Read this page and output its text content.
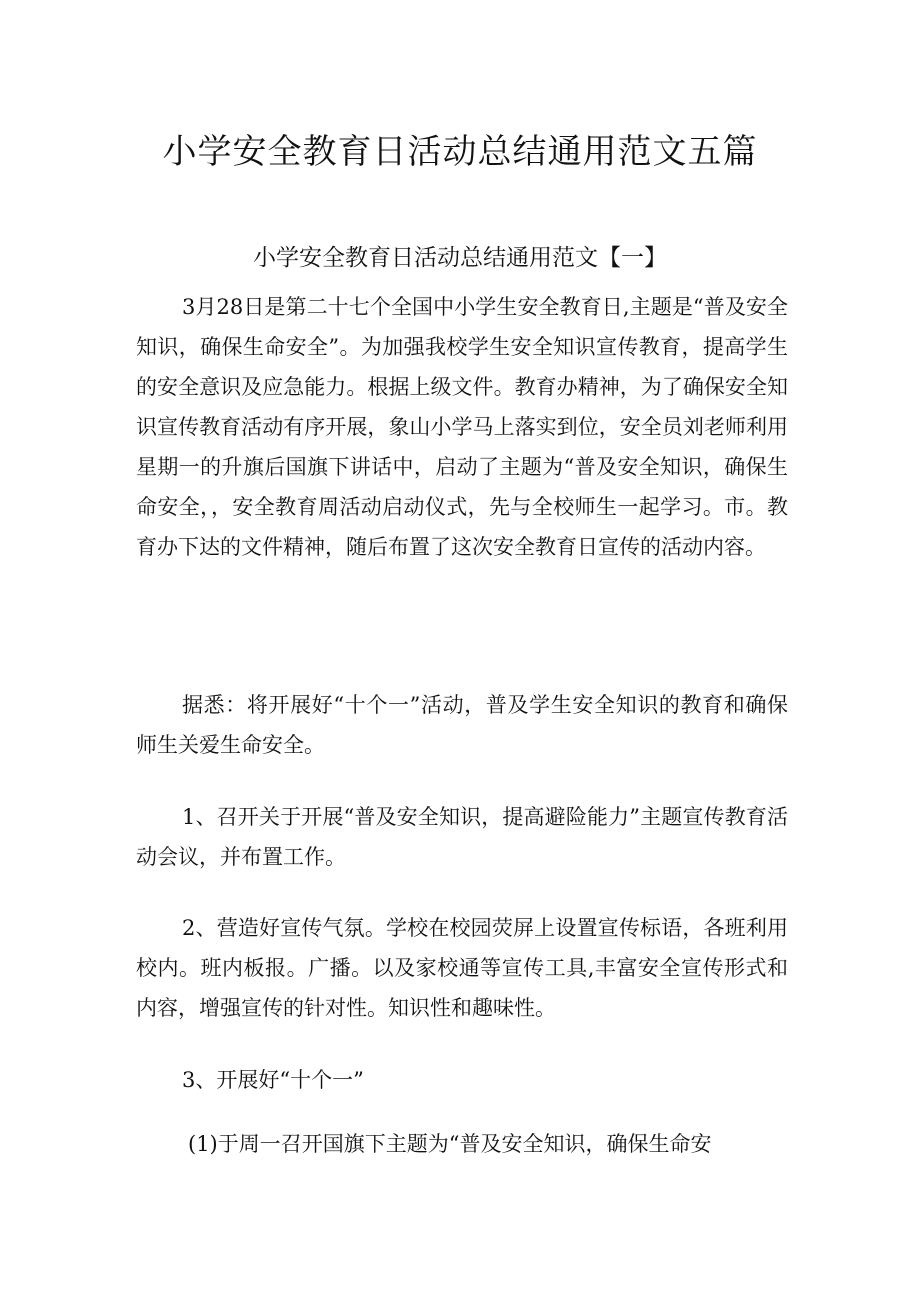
小学安全教育日活动总结通用范文五篇
小学安全教育日活动总结通用范文【一】
3月28日是第二十七个全国中小学生安全教育日,主题是“普及安全知识，确保生命安全”。为加强我校学生安全知识宣传教育，提高学生的安全意识及应急能力。根据上级文件。教育办精神，为了确保安全知识宣传教育活动有序开展，象山小学马上落实到位，安全员刘老师利用星期一的升旗后国旗下讲话中，启动了主题为“普及安全知识，确保生命安全，，安全教育周活动启动仪式，先与全校师生一起学习。市。教育办下达的文件精神，随后布置了这次安全教育日宣传的活动内容。
据悉：将开展好“十个一”活动，普及学生安全知识的教育和确保师生关爱生命安全。
1、召开关于开展“普及安全知识，提高避险能力”主题宣传教育活动会议，并布置工作。
2、营造好宣传气氛。学校在校园荧屏上设置宣传标语，各班利用校内。班内板报。广播。以及家校通等宣传工具,丰富安全宣传形式和内容，增强宣传的针对性。知识性和趣味性。
3、开展好“十个一”
(1)于周一召开国旗下主题为“普及安全知识，确保生命安
